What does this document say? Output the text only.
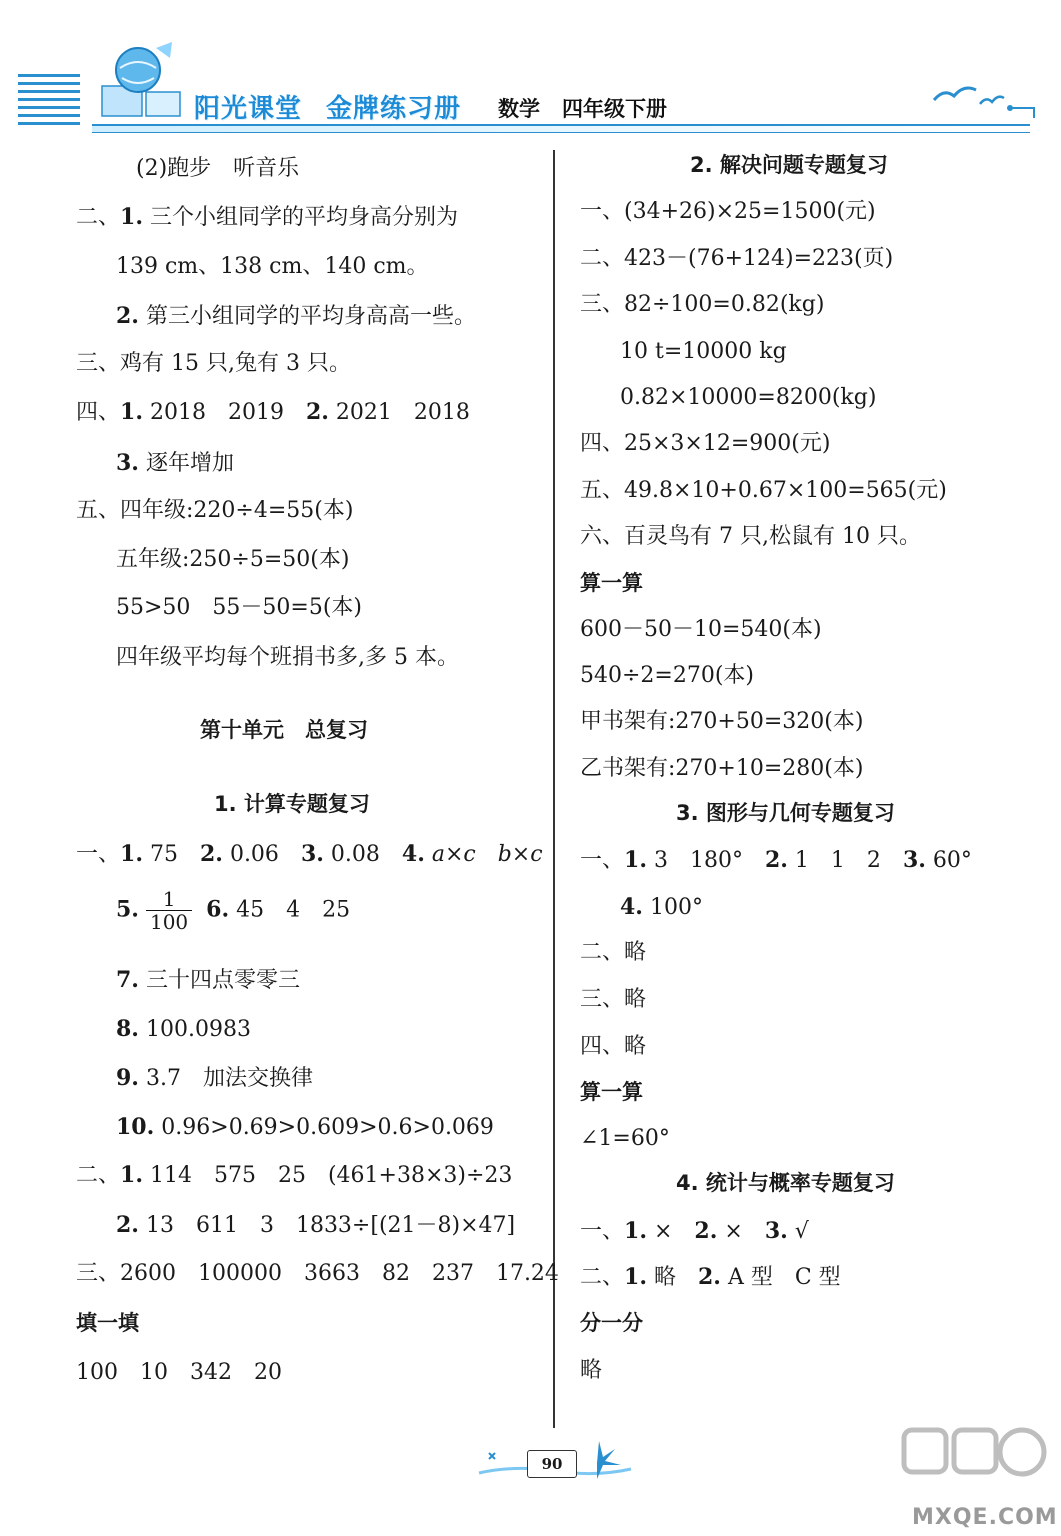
阳光课堂 金牌练习册	数学 四年级下册
(2)跑步　听音乐
二、1. 三个小组同学的平均身高分别为
139 cm、138 cm、140 cm。
2. 第三小组同学的平均身高高一些。
三、鸡有 15 只,兔有 3 只。
四、1. 2018　2019　2. 2021　2018
3. 逐年增加
五、四年级:220÷4=55(本)
五年级:250÷5=50(本)
55>50　55－50=5(本)
四年级平均每个班捐书多,多 5 本。
第十单元　总复习
1. 计算专题复习
一、1. 75　2. 0.06　3. 0.08　4. a×c　b×c
5. $\frac{1}{100} 6$. 45　4　25
7. 三十四点零零三
8. 100.0983
9. 3.7　加法交换律
10. 0.96>0.69>0.609>0.6>0.069
二、1. 114　575　25　(461+38×3)÷23
2. 13　611　3　1833÷[(21－8)×47]
三、2600　100000　3663　82　237　17.24
填一填
100　10　342　20
2. 解决问题专题复习
一、(34+26)×25=1500(元)
二、423－(76+124)=223(页)
三、82÷100=0.82(kg)
10 t=10000 kg
0.82×10000=8200(kg)
四、25×3×12=900(元)
五、49.8×10+0.67×100=565(元)
六、百灵鸟有 7 只,松鼠有 10 只。
算一算
600－50－10=540(本)
540÷2=270(本)
甲书架有:270+50=320(本)
乙书架有:270+10=280(本)
3. 图形与几何专题复习
一、1. 3　180°　2. 1　1　2　3. 60°
4. 100°
二、略
三、略
四、略
算一算
∠1=60°
4. 统计与概率专题复习
一、1. ×　2. ×　3. √
二、1. 略　2. A 型　C 型
分一分
略
90
MXQE.COM
